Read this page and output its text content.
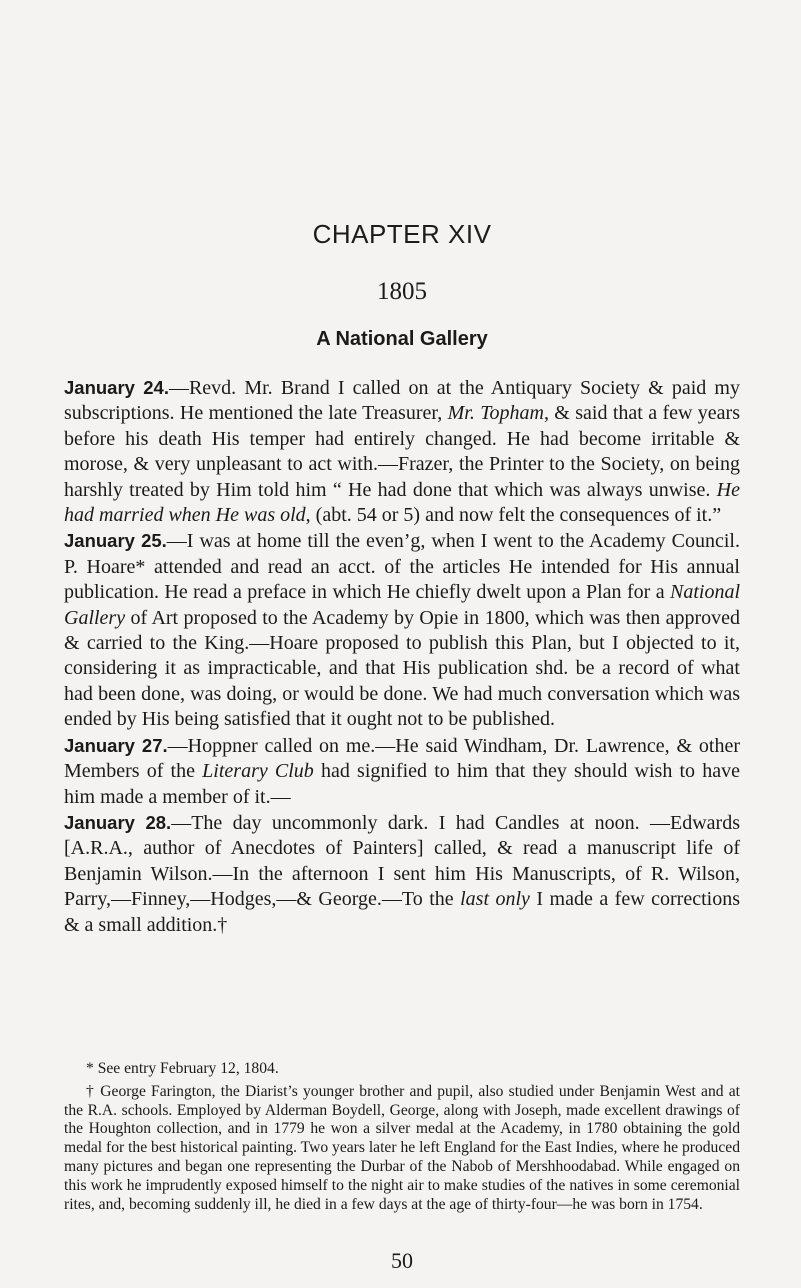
CHAPTER XIV
1805
A National Gallery

January 24.—Revd. Mr. Brand I called on at the Antiquary Society & paid my subscriptions. He mentioned the late Treasurer, Mr. Topham, & said that a few years before his death His temper had entirely changed. He had become irritable & morose, & very unpleasant to act with.—Frazer, the Printer to the Society, on being harshly treated by Him told him “ He had done that which was always unwise. He had married when He was old, (abt. 54 or 5) and now felt the consequences of it.”

January 25.—I was at home till the even’g, when I went to the Academy Council. P. Hoare* attended and read an acct. of the articles He intended for His annual publication. He read a preface in which He chiefly dwelt upon a Plan for a National Gallery of Art proposed to the Academy by Opie in 1800, which was then approved & carried to the King.—Hoare proposed to publish this Plan, but I objected to it, considering it as impracticable, and that His publication shd. be a record of what had been done, was doing, or would be done. We had much conversation which was ended by His being satisfied that it ought not to be published.

January 27.—Hoppner called on me.—He said Windham, Dr. Lawrence, & other Members of the Literary Club had signified to him that they should wish to have him made a member of it.—

January 28.—The day uncommonly dark. I had Candles at noon. —Edwards [A.R.A., author of Anecdotes of Painters] called, & read a manuscript life of Benjamin Wilson.—In the afternoon I sent him His Manuscripts, of R. Wilson, Parry,—Finney,—Hodges,—& George.—To the last only I made a few corrections & a small addition.†

* See entry February 12, 1804.

† George Farington, the Diarist’s younger brother and pupil, also studied under Benjamin West and at the R.A. schools. Employed by Alderman Boydell, George, along with Joseph, made excellent drawings of the Houghton collection, and in 1779 he won a silver medal at the Academy, in 1780 obtaining the gold medal for the best historical painting. Two years later he left England for the East Indies, where he produced many pictures and began one representing the Durbar of the Nabob of Mershhoodabad. While engaged on this work he imprudently exposed himself to the night air to make studies of the natives in some ceremonial rites, and, becoming suddenly ill, he died in a few days at the age of thirty-four—he was born in 1754.

50
